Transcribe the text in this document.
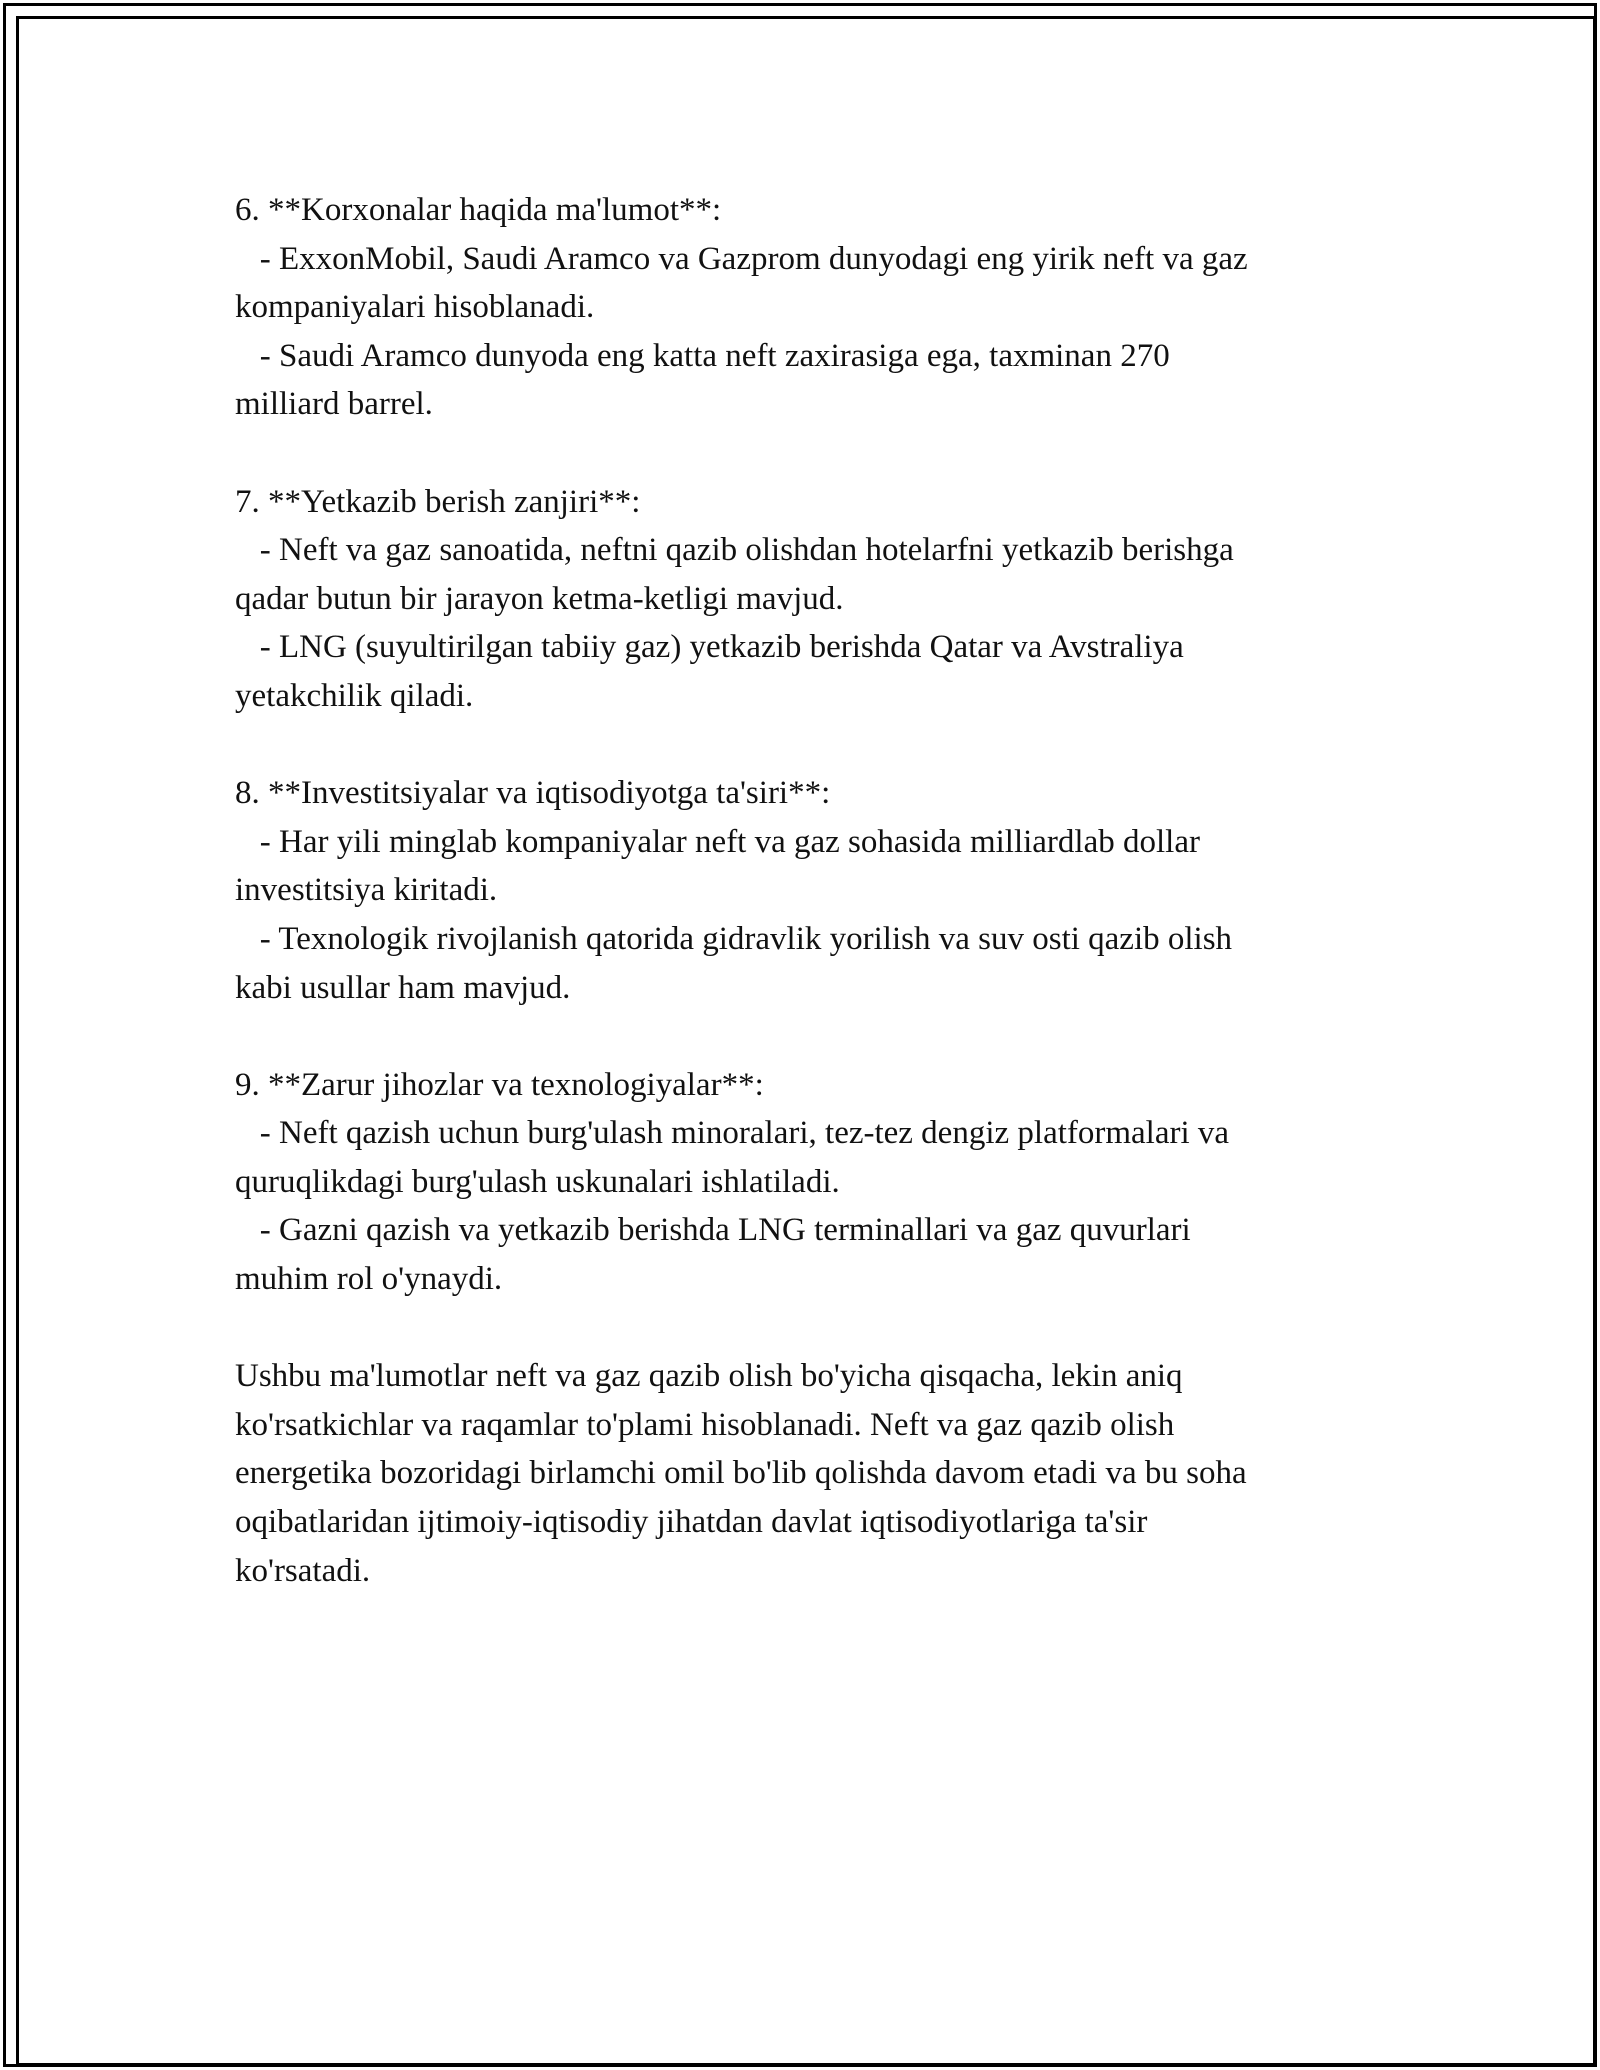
6. **Korxonalar haqida ma'lumot**:
- ExxonMobil, Saudi Aramco va Gazprom dunyodagi eng yirik neft va gaz
kompaniyalari hisoblanadi.
- Saudi Aramco dunyoda eng katta neft zaxirasiga ega, taxminan 270
milliard barrel.
7. **Yetkazib berish zanjiri**:
- Neft va gaz sanoatida, neftni qazib olishdan hotelarfni yetkazib berishga
qadar butun bir jarayon ketma-ketligi mavjud.
- LNG (suyultirilgan tabiiy gaz) yetkazib berishda Qatar va Avstraliya
yetakchilik qiladi.
8. **Investitsiyalar va iqtisodiyotga ta'siri**:
- Har yili minglab kompaniyalar neft va gaz sohasida milliardlab dollar
investitsiya kiritadi.
- Texnologik rivojlanish qatorida gidravlik yorilish va suv osti qazib olish
kabi usullar ham mavjud.
9. **Zarur jihozlar va texnologiyalar**:
- Neft qazish uchun burg'ulash minoralari, tez-tez dengiz platformalari va
quruqlikdagi burg'ulash uskunalari ishlatiladi.
- Gazni qazish va yetkazib berishda LNG terminallari va gaz quvurlari
muhim rol o'ynaydi.
Ushbu ma'lumotlar neft va gaz qazib olish bo'yicha qisqacha, lekin aniq
ko'rsatkichlar va raqamlar to'plami hisoblanadi. Neft va gaz qazib olish
energetika bozoridagi birlamchi omil bo'lib qolishda davom etadi va bu soha
oqibatlaridan ijtimoiy-iqtisodiy jihatdan davlat iqtisodiyotlariga ta'sir
ko'rsatadi.
